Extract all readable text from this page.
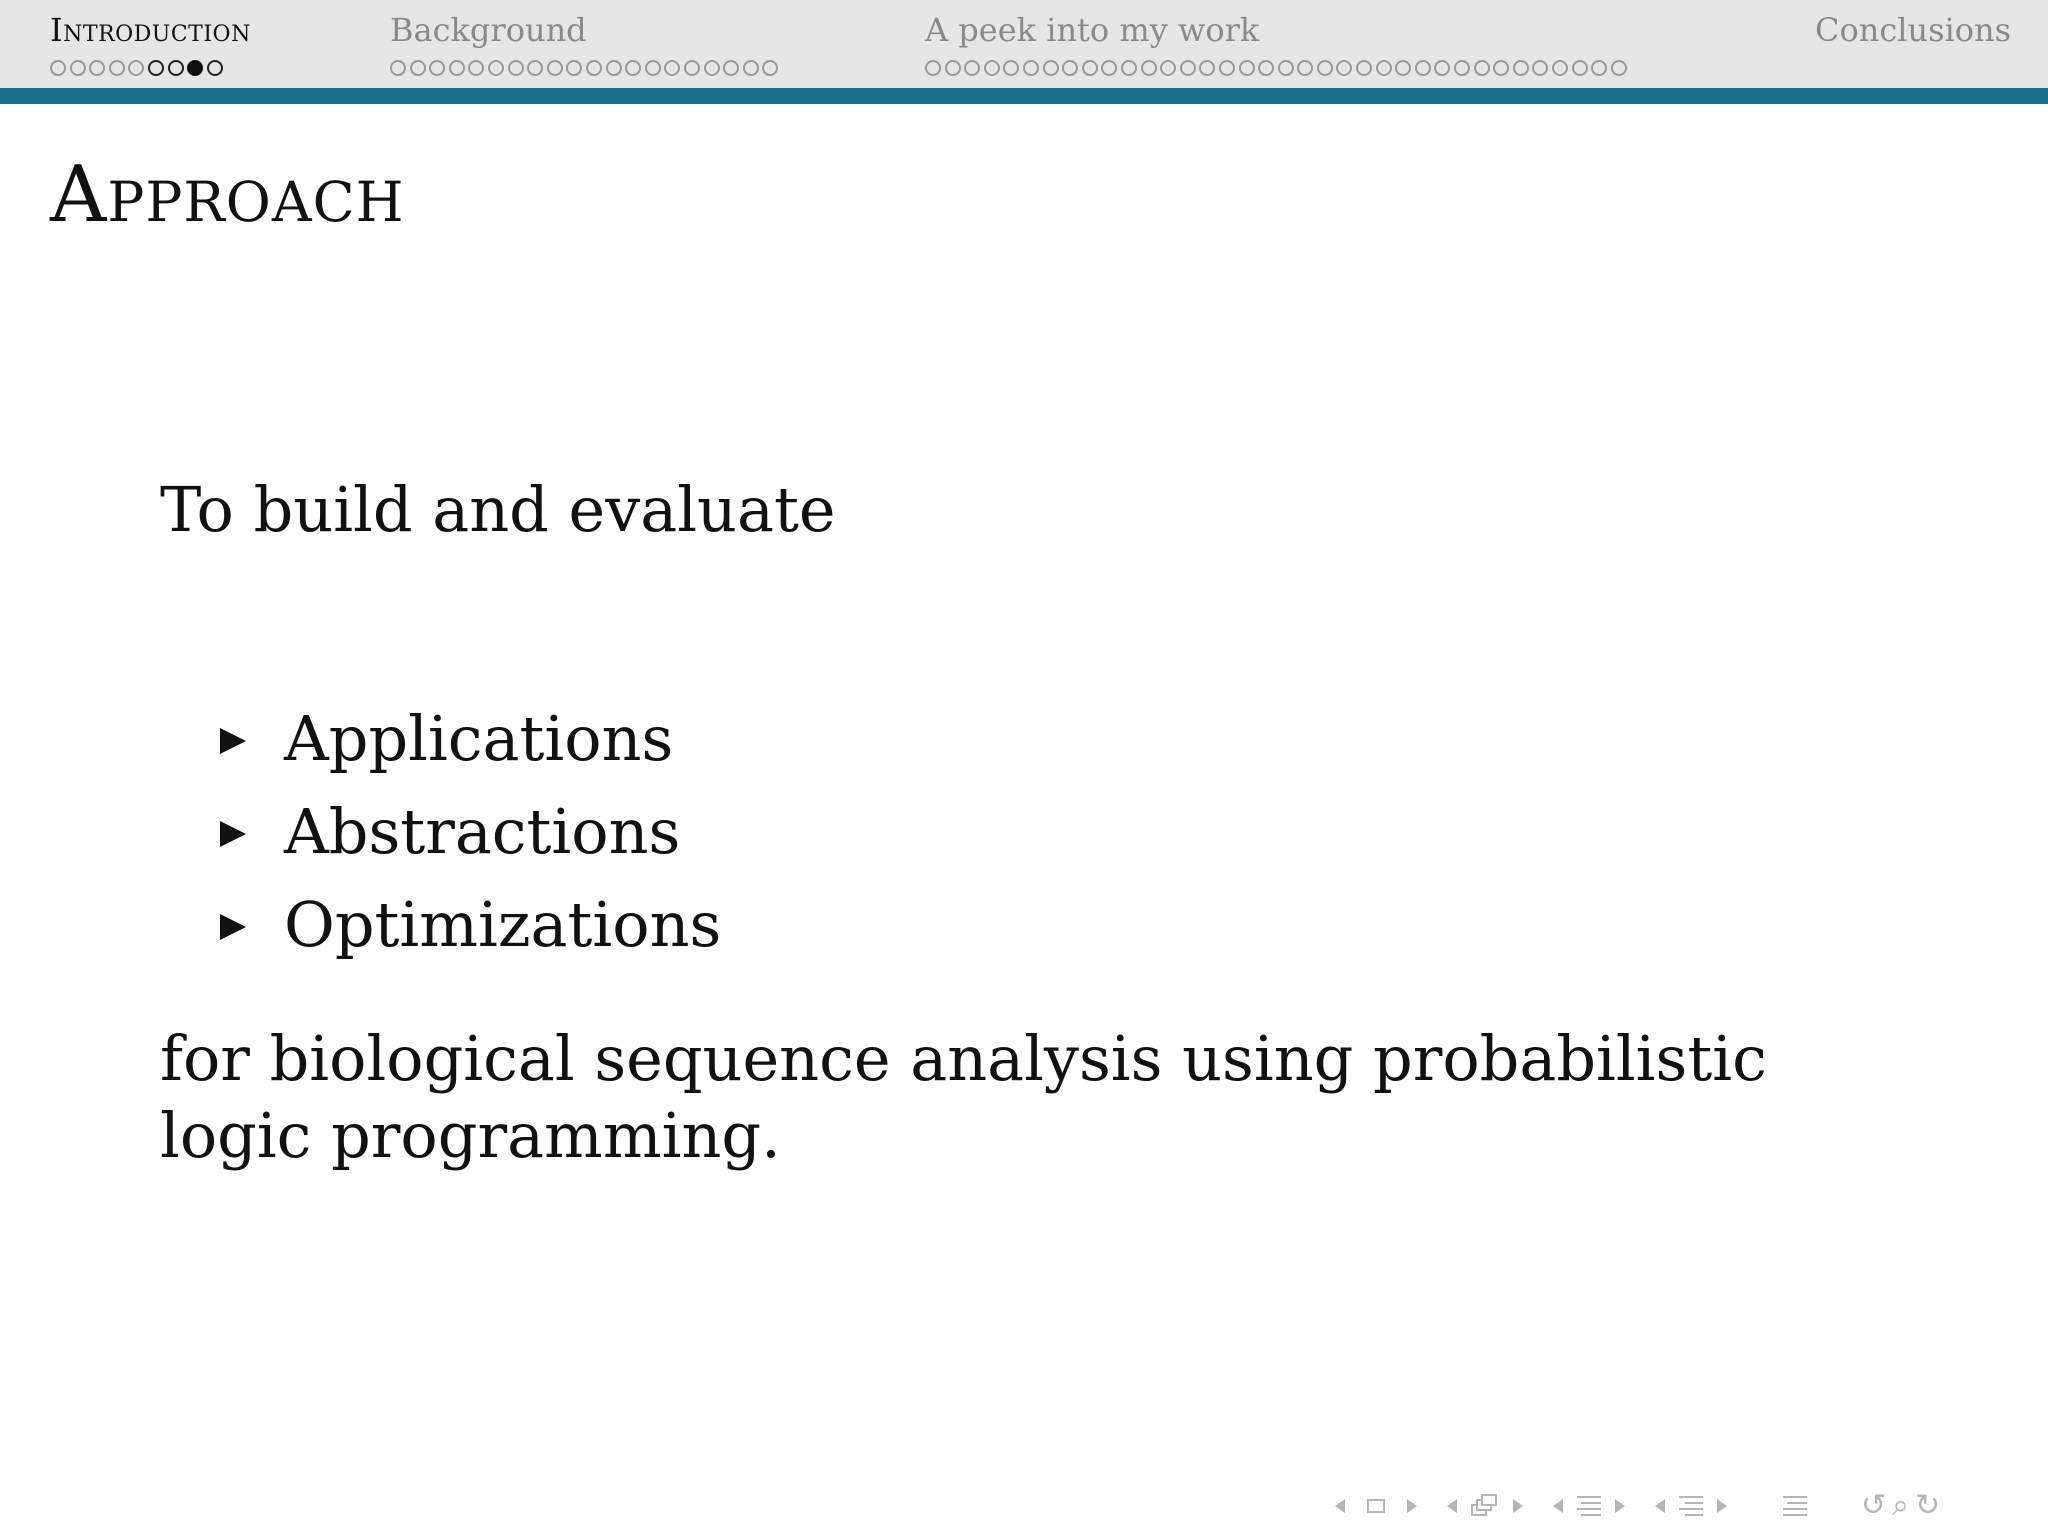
Introduction	Background	A peek into my work	Conclusions
Approach
To build and evaluate
Applications
Abstractions
Optimizations
for biological sequence analysis using probabilistic logic programming.
↺ ⌕ ↻
